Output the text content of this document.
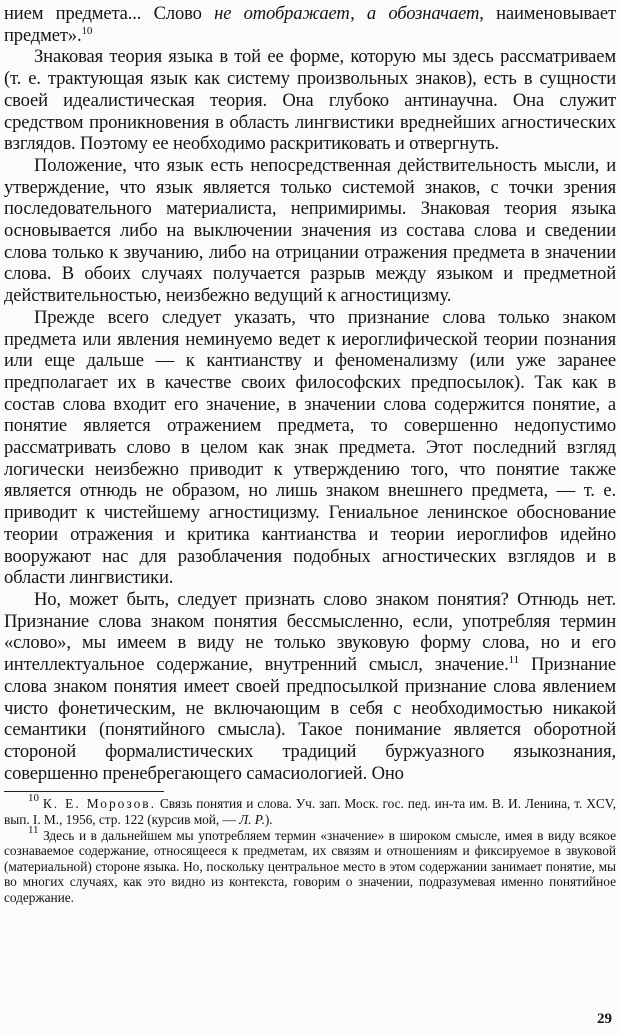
нием предмета... Слово не отображает, а обозначает, наименовывает предмет».$^{10}$

Знаковая теория языка в той ее форме, которую мы здесь рассматриваем (т. е. трактующая язык как систему произвольных знаков), есть в сущности своей идеалистическая теория. Она глубоко антинаучна. Она служит средством проникновения в область лингвистики вреднейших агностических взглядов. Поэтому ее необходимо раскритиковать и отвергнуть.

Положение, что язык есть непосредственная действительность мысли, и утверждение, что язык является только системой знаков, с точки зрения последовательного материалиста, непримиримы. Знаковая теория языка основывается либо на выключении значения из состава слова и сведении слова только к звучанию, либо на отрицании отражения предмета в значении слова. В обоих случаях получается разрыв между языком и предметной действительностью, неизбежно ведущий к агностицизму.

Прежде всего следует указать, что признание слова только знаком предмета или явления неминуемо ведет к иероглифической теории познания или еще дальше — к кантианству и феноменализму (или уже заранее предполагает их в качестве своих философских предпосылок). Так как в состав слова входит его значение, в значении слова содержится понятие, а понятие является отражением предмета, то совершенно недопустимо рассматривать слово в целом как знак предмета. Этот последний взгляд логически неизбежно приводит к утверждению того, что понятие также является отнюдь не образом, но лишь знаком внешнего предмета, — т. е. приводит к чистейшему агностицизму. Гениальное ленинское обоснование теории отражения и критика кантианства и теории иероглифов идейно вооружают нас для разоблачения подобных агностических взглядов и в области лингвистики.

Но, может быть, следует признать слово знаком понятия? Отнюдь нет. Признание слова знаком понятия бессмысленно, если, употребляя термин «слово», мы имеем в виду не только звуковую форму слова, но и его интеллектуальное содержание, внутренний смысл, значение.$^{11}$ Признание слова знаком понятия имеет своей предпосылкой признание слова явлением чисто фонетическим, не включающим в себя с необходимостью никакой семантики (понятийного смысла). Такое понимание является оборотной стороной формалистических традиций буржуазного языкознания, совершенно пренебрегающего самасиологией. Оно

$^{10}$ К. Е. Морозов. Связь понятия и слова. Уч. зап. Моск. гос. пед. ин-та им. В. И. Ленина, т. XCV, вып. I. М., 1956, стр. 122 (курсив мой, — Л. Р.).

$^{11}$ Здесь и в дальнейшем мы употребляем термин «значение» в широком смысле, имея в виду всякое сознаваемое содержание, относящееся к предметам, их связям и отношениям и фиксируемое в звуковой (материальной) стороне языка. Но, поскольку центральное место в этом содержании занимает понятие, мы во многих случаях, как это видно из контекста, говорим о значении, подразумевая именно понятийное содержание.

29
